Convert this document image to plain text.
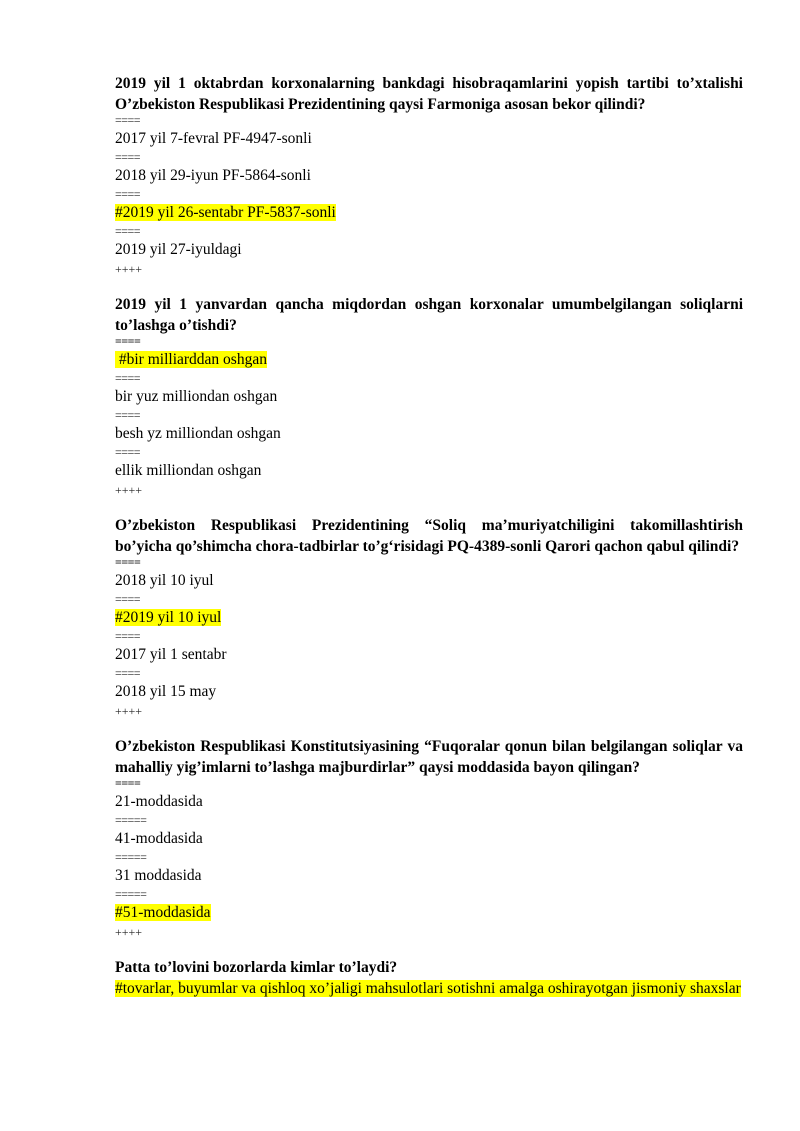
2019 yil 1 oktabrdan korxonalarning bankdagi hisobraqamlarini yopish tartibi to’xtalishi O’zbekiston Respublikasi Prezidentining qaysi Farmoniga asosan bekor qilindi?
====
2017 yil 7-fevral PF-4947-sonli
====
2018 yil 29-iyun PF-5864-sonli
====
#2019 yil 26-sentabr PF-5837-sonli
====
2019 yil 27-iyuldagi
++++
2019 yil 1 yanvardan qancha miqdordan oshgan korxonalar umumbelgilangan soliqlarni to’lashga o’tishdi?
====
#bir milliarddan oshgan
====
bir yuz milliondan oshgan
====
besh yz milliondan oshgan
====
ellik milliondan oshgan
++++
O’zbekiston Respublikasi Prezidentining “Soliq ma’muriyatchiligini takomillashtirish bo’yicha qo’shimcha chora-tadbirlar to’g‘risidagi PQ-4389-sonli Qarori qachon qabul qilindi?
====
2018 yil 10 iyul
====
#2019 yil 10 iyul
====
2017 yil 1 sentabr
====
2018 yil 15 may
++++
O’zbekiston Respublikasi Konstitutsiyasining “Fuqoralar qonun bilan belgilangan soliqlar va mahalliy yig’imlarni to’lashga majburdirlar” qaysi moddasida bayon qilingan?
====
21-moddasida
=====
41-moddasida
=====
31 moddasida
=====
#51-moddasida
++++
Patta to’lovini bozorlarda kimlar to’laydi?
#tovarlar, buyumlar va qishloq xo’jaligi mahsulotlari sotishni amalga oshirayotgan jismoniy shaxslar
